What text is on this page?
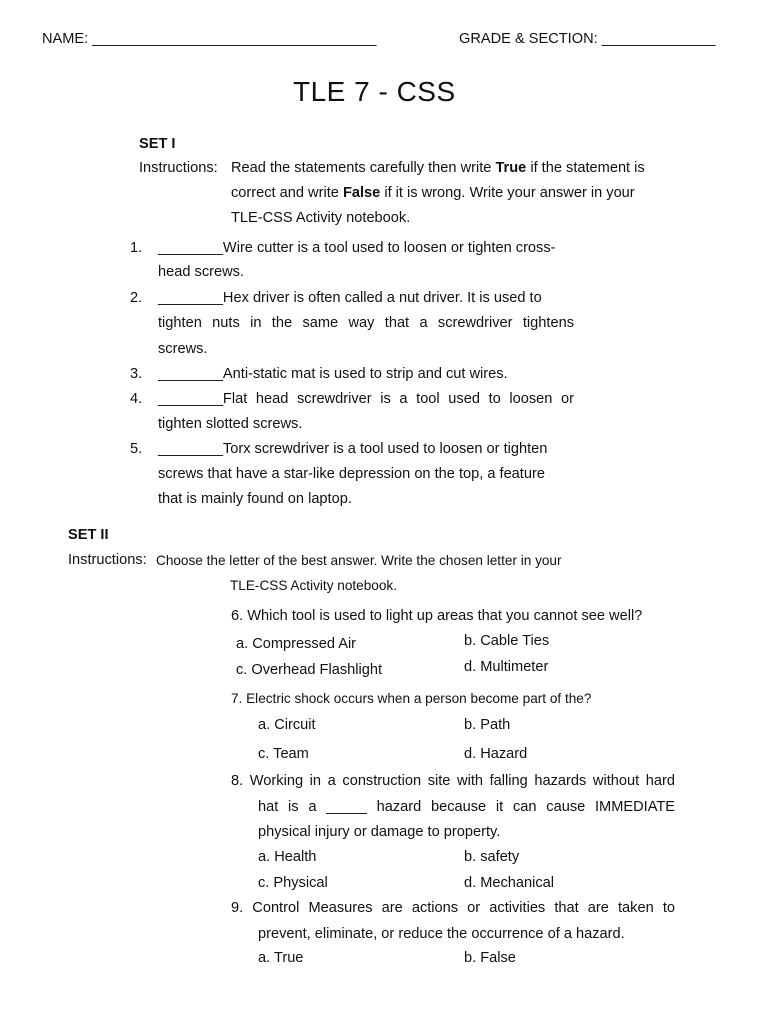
NAME: ___________________________________	GRADE & SECTION: ______________
TLE 7 - CSS
SET I
Instructions: Read the statements carefully then write True if the statement is
correct and write False if it is wrong. Write your answer in your
TLE-CSS Activity notebook.
1. ________Wire cutter is a tool used to loosen or tighten cross-
head screws.
2. ________Hex driver is often called a nut driver. It is used to
tighten nuts in the same way that a screwdriver tightens
screws.
3. ________Anti-static mat is used to strip and cut wires.
4. ________Flat head screwdriver is a tool used to loosen or
tighten slotted screws.
5. ________Torx screwdriver is a tool used to loosen or tighten
screws that have a star-like depression on the top, a feature
that is mainly found on laptop.
SET II
Instructions: Choose the letter of the best answer. Write the chosen letter in your
TLE-CSS Activity notebook.
6. Which tool is used to light up areas that you cannot see well?
a. Compressed Air	b. Cable Ties
c. Overhead Flashlight	d. Multimeter
7. Electric shock occurs when a person become part of the?
a. Circuit	b. Path
c. Team	d. Hazard
8. Working in a construction site with falling hazards without hard
hat is a _____ hazard because it can cause IMMEDIATE
physical injury or damage to property.
a. Health	b. safety
c. Physical	d. Mechanical
9. Control Measures are actions or activities that are taken to
prevent, eliminate, or reduce the occurrence of a hazard.
a. True	b. False
